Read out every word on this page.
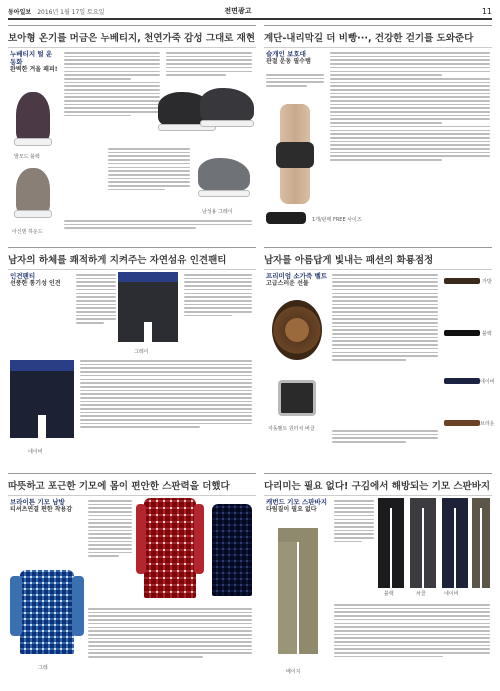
동아일보 2016년 1월 17일 토요일	전면광고	11
보아형 온기를 머금은 누베티지, 천연가죽 감성 그대로 재현
누베티지 털 운동화
완벽한 겨울 패피!
발모드 블랙
아신덴 하운드
남성용 그레이
계단-내리막길 더 비빵···, 건강한 걷기를 도와준다
슬개인 보호대
관절 운동 필수템
1개/판매 FREE 사이즈
남자의 하체를 쾌적하게 지켜주는 자연섬유 인견팬티
인견팬티
선풍한 통기성 인견
그레이
네이비
남자를 아름답게 빛내는 패션의 화룡점정
프리미엄 소가죽 벨트
고급스러운 선물
자동벨트 원터치 버클
가방
블랙
네이비
브라운
따뜻하고 포근한 기모에 몸이 편안한 스판력을 더했다
브라이튼 기모 남방
티셔츠연결 편한 착용감
그레
다리미는 필요 없다! 구김에서 해방되는 기모 스판바지
캐번드 기모 스판바지
다림질이 필요 없다
베이지
블랙	차콜	네이비
